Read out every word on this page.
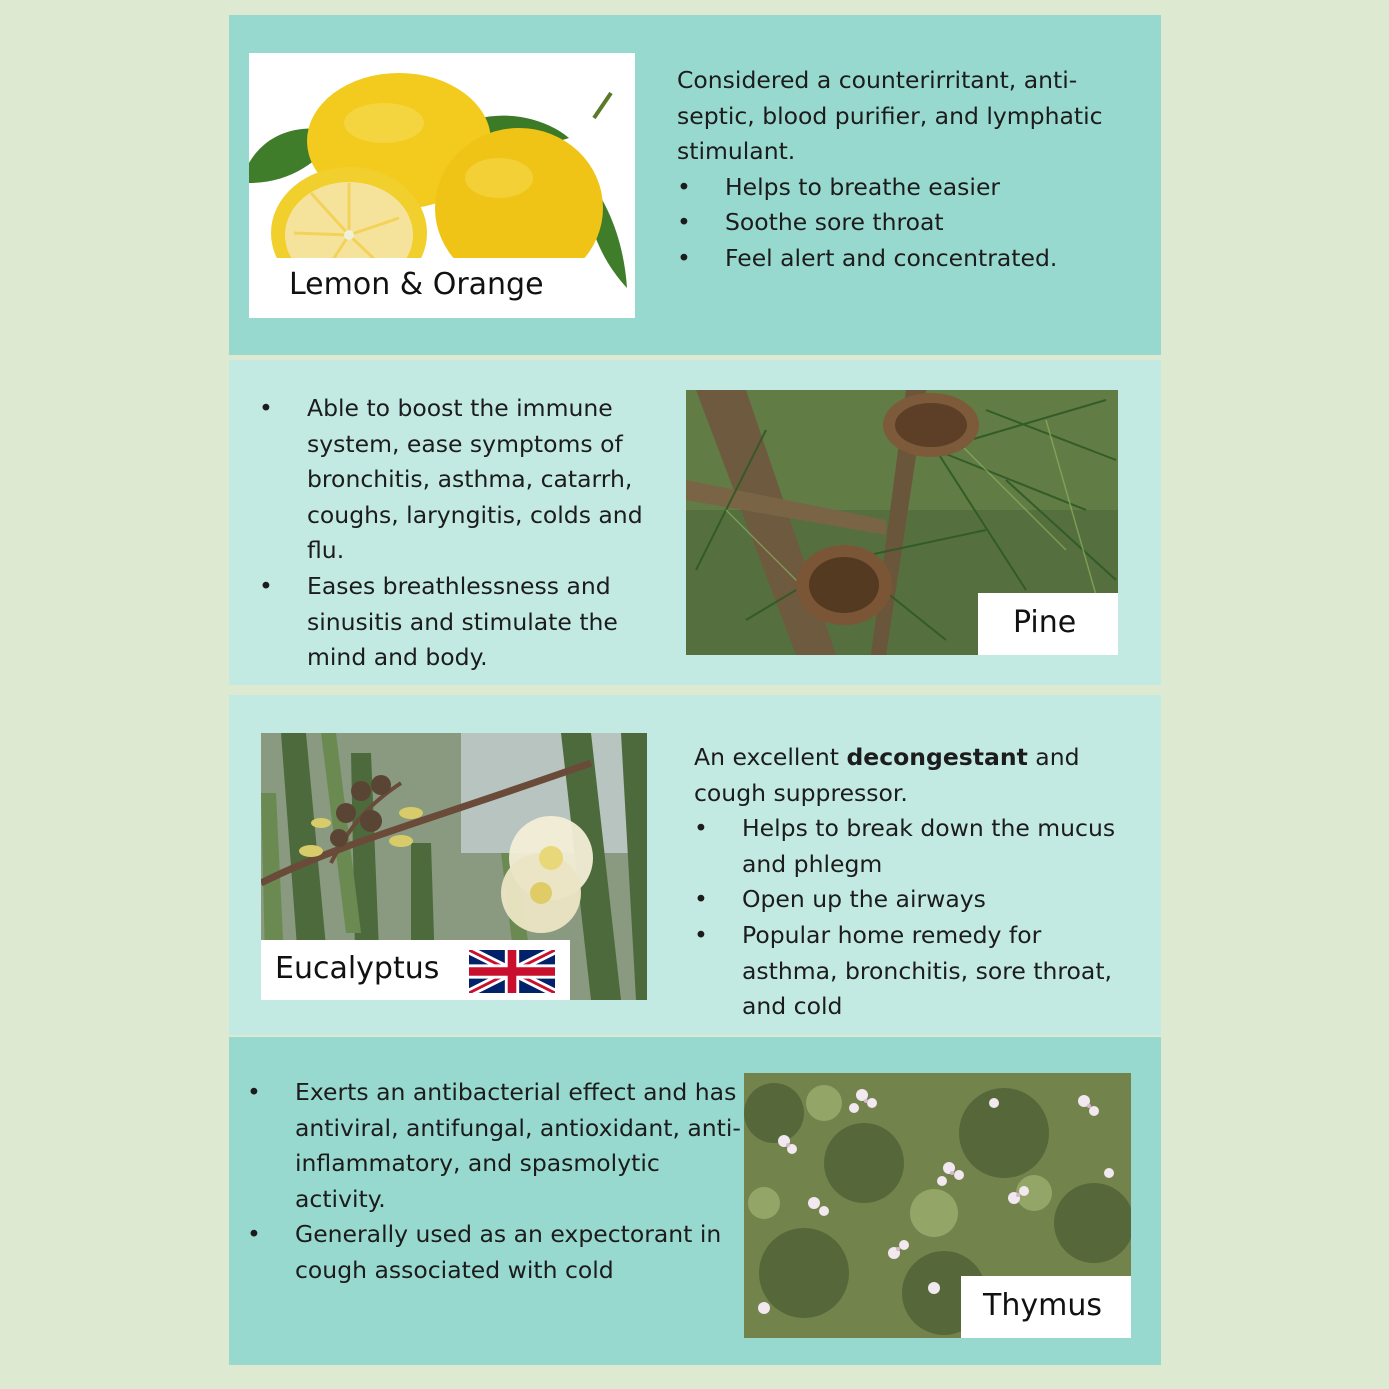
Lemon & Orange

Considered a counterirritant, anti-septic, blood purifier, and lymphatic stimulant.

• Helps to breathe easier
• Soothe sore throat
• Feel alert and concentrated.
• Able to boost the immune system, ease symptoms of bronchitis, asthma, catarrh, coughs, laryngitis, colds and flu.
• Eases breathlessness and sinusitis and stimulate the mind and body.
Pine
Eucalyptus

An excellent decongestant and cough suppressor.

• Helps to break down the mucus and phlegm
• Open up the airways
• Popular home remedy for asthma, bronchitis, sore throat, and cold
• Exerts an antibacterial effect and has antiviral, antifungal, antioxidant, anti-inflammatory, and spasmolytic activity.
• Generally used as an expectorant in cough associated with cold
Thymus
